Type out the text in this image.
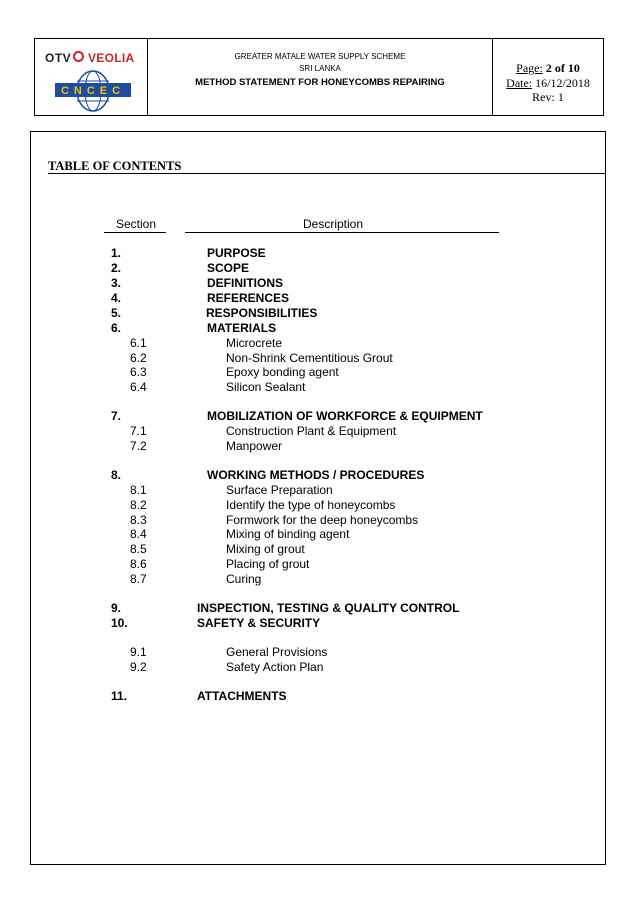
OTV VEOLIA
CNCEC
GREATER MATALE WATER SUPPLY SCHEME
SRI LANKA
METHOD STATEMENT FOR HONEYCOMBS REPAIRING
Page: 2 of 10
Date: 16/12/2018
Rev: 1
TABLE OF CONTENTS
Section	Description
1.	PURPOSE
2.	SCOPE
3.	DEFINITIONS
4.	REFERENCES
5.	RESPONSIBILITIES
6.	MATERIALS
6.1	Microcrete
6.2	Non-Shrink Cementitious Grout
6.3	Epoxy bonding agent
6.4	Silicon Sealant
7.	MOBILIZATION OF WORKFORCE & EQUIPMENT
7.1	Construction Plant & Equipment
7.2	Manpower
8.	WORKING METHODS / PROCEDURES
8.1	Surface Preparation
8.2	Identify the type of honeycombs
8.3	Formwork for the deep honeycombs
8.4	Mixing of binding agent
8.5	Mixing of grout
8.6	Placing of grout
8.7	Curing
9.	INSPECTION, TESTING & QUALITY CONTROL
10.	SAFETY & SECURITY
9.1	General Provisions
9.2	Safety Action Plan
11.	ATTACHMENTS
